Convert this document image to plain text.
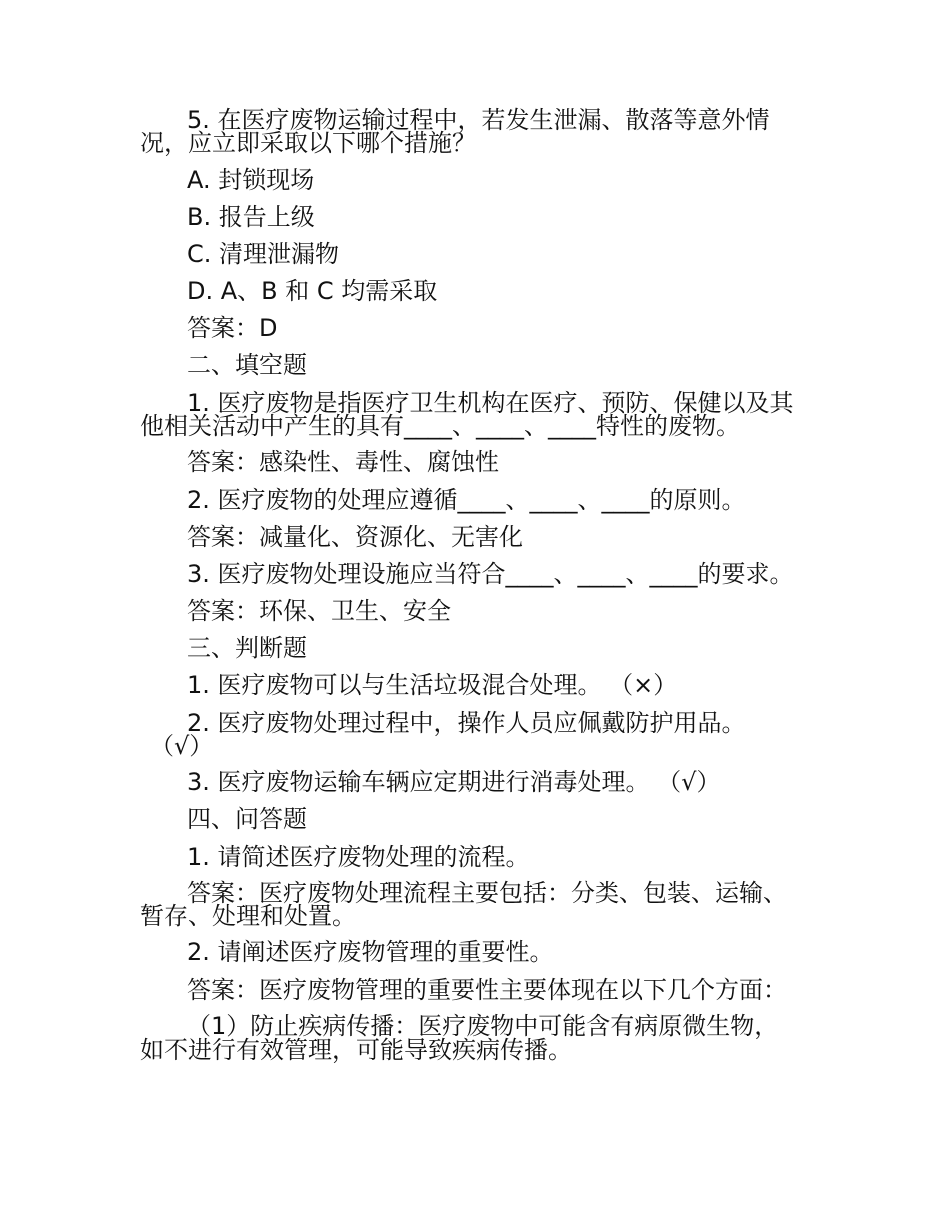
5. 在医疗废物运输过程中，若发生泄漏、散落等意外情
况，应立即采取以下哪个措施？
A. 封锁现场
B. 报告上级
C. 清理泄漏物
D. A、B 和 C 均需采取
答案：D
二、填空题
1. 医疗废物是指医疗卫生机构在医疗、预防、保健以及其
他相关活动中产生的具有____、____、____特性的废物。
答案：感染性、毒性、腐蚀性
2. 医疗废物的处理应遵循____、____、____的原则。
答案：减量化、资源化、无害化
3. 医疗废物处理设施应当符合____、____、____的要求。
答案：环保、卫生、安全
三、判断题
1. 医疗废物可以与生活垃圾混合处理。 （×）
2. 医疗废物处理过程中，操作人员应佩戴防护用品。
（√）
3. 医疗废物运输车辆应定期进行消毒处理。 （√）
四、问答题
1. 请简述医疗废物处理的流程。
答案：医疗废物处理流程主要包括：分类、包装、运输、
暂存、处理和处置。
2. 请阐述医疗废物管理的重要性。
答案：医疗废物管理的重要性主要体现在以下几个方面：
（1）防止疾病传播：医疗废物中可能含有病原微生物，
如不进行有效管理，可能导致疾病传播。
